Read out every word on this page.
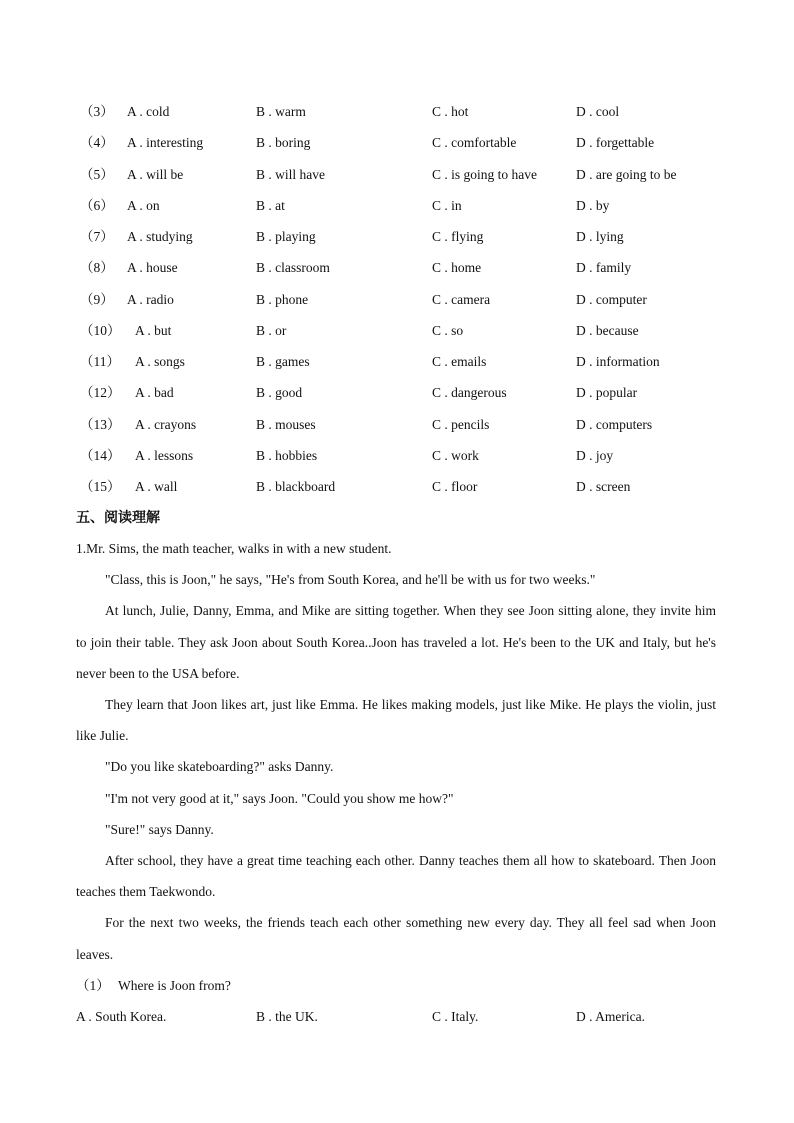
（3） A . cold	B . warm	C . hot	D . cool
（4） A . interesting	B . boring	C . comfortable	D . forgettable
（5） A . will be	B . will have	C . is going to have	D . are going to be
（6） A . on	B . at	C . in	D . by
（7） A . studying	B . playing	C . flying	D . lying
（8） A . house	B . classroom	C . home	D . family
（9） A . radio	B . phone	C . camera	D . computer
（10） A . but	B . or	C . so	D . because
（11） A . songs	B . games	C . emails	D . information
（12） A . bad	B . good	C . dangerous	D . popular
（13） A . crayons	B . mouses	C . pencils	D . computers
（14） A . lessons	B . hobbies	C . work	D . joy
（15） A . wall	B . blackboard	C . floor	D . screen
五、阅读理解

1.Mr. Sims, the math teacher, walks in with a new student.

"Class, this is Joon," he says, "He's from South Korea, and he'll be with us for two weeks."

At lunch, Julie, Danny, Emma, and Mike are sitting together. When they see Joon sitting alone, they invite him to join their table. They ask Joon about South Korea..Joon has traveled a lot. He's been to the UK and Italy, but he's never been to the USA before.

They learn that Joon likes art, just like Emma. He likes making models, just like Mike. He plays the violin, just like Julie.

"Do you like skateboarding?" asks Danny.

"I'm not very good at it," says Joon. "Could you show me how?"

"Sure!" says Danny.

After school, they have a great time teaching each other. Danny teaches them all how to skateboard. Then Joon teaches them Taekwondo.

For the next two weeks, the friends teach each other something new every day. They all feel sad when Joon leaves.

（1） Where is Joon from?
A . South Korea.	B . the UK.	C . Italy.	D . America.
